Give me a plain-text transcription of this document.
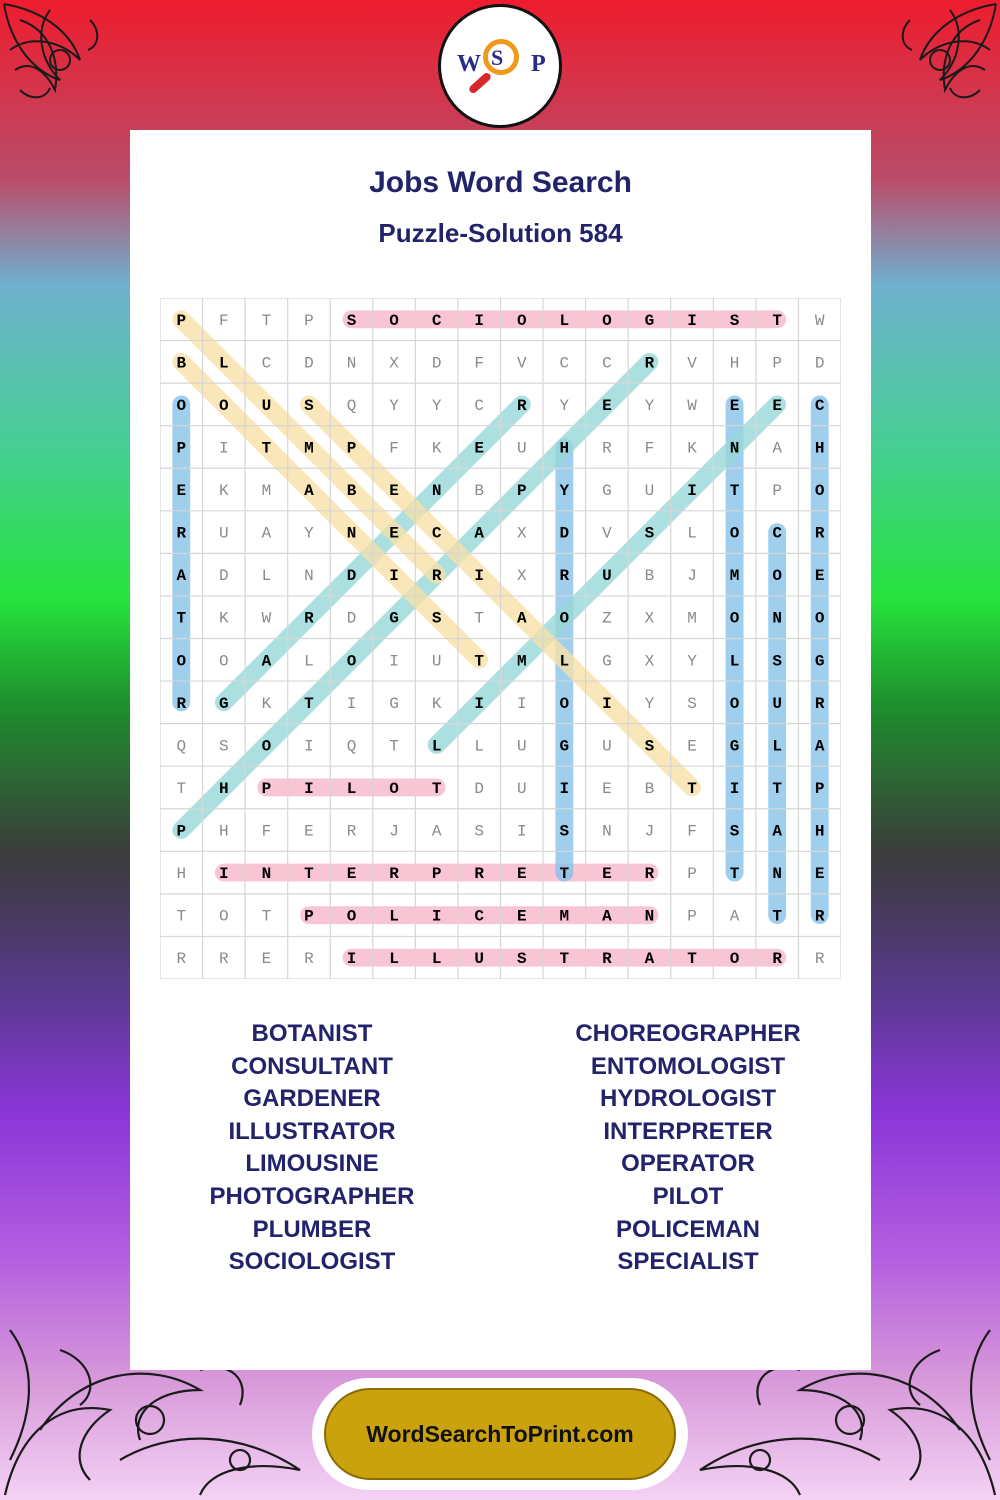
W S P
Jobs Word Search
Puzzle-Solution 584
P F T P S O C I O L O G I S T W
B L C D N X D F V C C R V H P D
O O U S Q Y Y C R Y E Y W E E C
P I T M P F K E U H R F K N A H
E K M A B E N B P Y G U I T P O
R U A Y N E C A X D V S L O C R
A D L N D I R I X R U B J M O E
T K W R D G S T A O Z X M O N O
O O A L O I U T M L G X Y L S G
R G K T I G K I I O I Y S O U R
Q S O I Q T L L U G U S E G L A
T H P I L O T D U I E B T I T P
P H F E R J A S I S N J F S A H
H I N T E R P R E T E R P T N E
T O T P O L I C E M A N P A T R
R R E R I L L U S T R A T O R R
BOTANIST
CONSULTANT
GARDENER
ILLUSTRATOR
LIMOUSINE
PHOTOGRAPHER
PLUMBER
SOCIOLOGIST
CHOREOGRAPHER
ENTOMOLOGIST
HYDROLOGIST
INTERPRETER
OPERATOR
PILOT
POLICEMAN
SPECIALIST
WordSearchToPrint.com
